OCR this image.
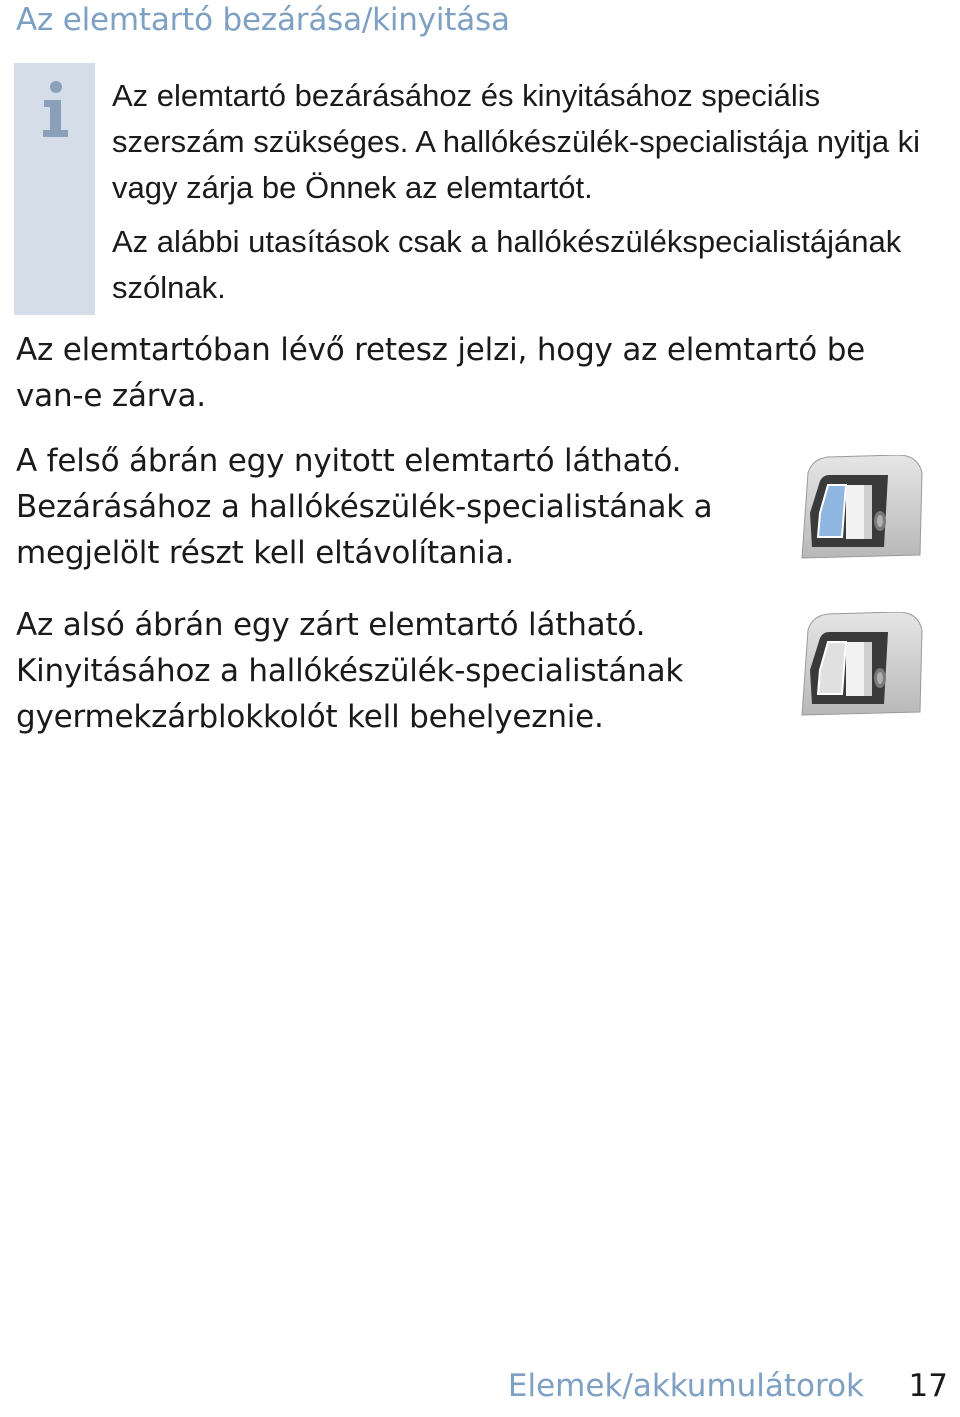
Az elemtartó bezárása/kinyitása

Az elemtartó bezárásához és kinyitásához speciális szerszám szükséges. A hallókészülék-specialistája nyitja ki vagy zárja be Önnek az elemtartót.

Az alábbi utasítások csak a hallókészülékspecialistájának szólnak.

Az elemtartóban lévő retesz jelzi, hogy az elemtartó be van-e zárva.

A felső ábrán egy nyitott elemtartó látható. Bezárásához a hallókészülék-specialistának a megjelölt részt kell eltávolítania.

Az alsó ábrán egy zárt elemtartó látható. Kinyitásához a hallókészülék-specialistának gyermekzárblokkolót kell behelyeznie.

Elemek/akkumulátorok 17
